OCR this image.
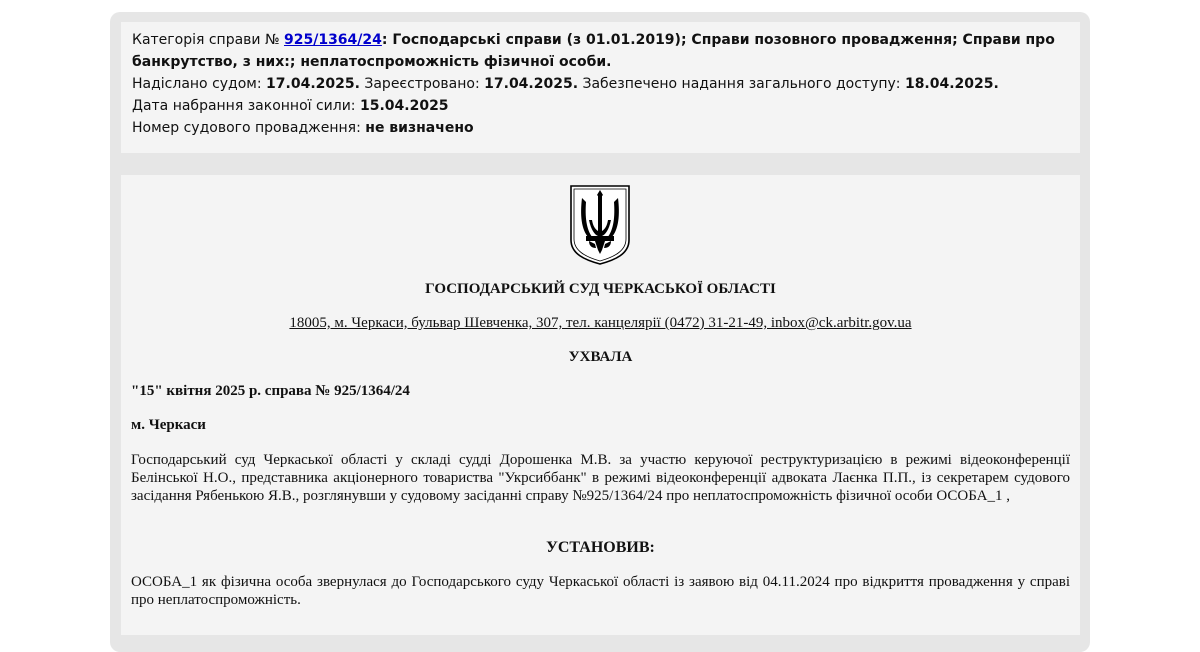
Категорія справи № 925/1364/24: Господарські справи (з 01.01.2019); Справи позовного провадження; Справи про банкрутство, з них:; неплатоспроможність фізичної особи.

Надіслано судом: 17.04.2025. Зареєстровано: 17.04.2025. Забезпечено надання загального доступу: 18.04.2025.

Дата набрання законної сили: 15.04.2025

Номер судового провадження: не визначено

ГОСПОДАРСЬКИЙ СУД ЧЕРКАСЬКОЇ ОБЛАСТІ
18005, м. Черкаси, бульвар Шевченка, 307, тел. канцелярії (0472) 31-21-49, inbox@ck.arbitr.gov.ua
УХВАЛА
"15" квітня 2025 р. справа № 925/1364/24
м. Черкаси
Господарський суд Черкаської області у складі судді Дорошенка М.В. за участю керуючої реструктуризацією в режимі відеоконференції Белінської Н.О., представника акціонерного товариства "Укрсиббанк" в режимі відеоконференції адвоката Лаєнка П.П., із секретарем судового засідання Рябенькою Я.В., розглянувши у судовому засіданні справу №925/1364/24 про неплатоспроможність фізичної особи ОСОБА_1 ,
УСТАНОВИВ:
ОСОБА_1 як фізична особа звернулася до Господарського суду Черкаської області із заявою від 04.11.2024 про відкриття провадження у справі про неплатоспроможність.
